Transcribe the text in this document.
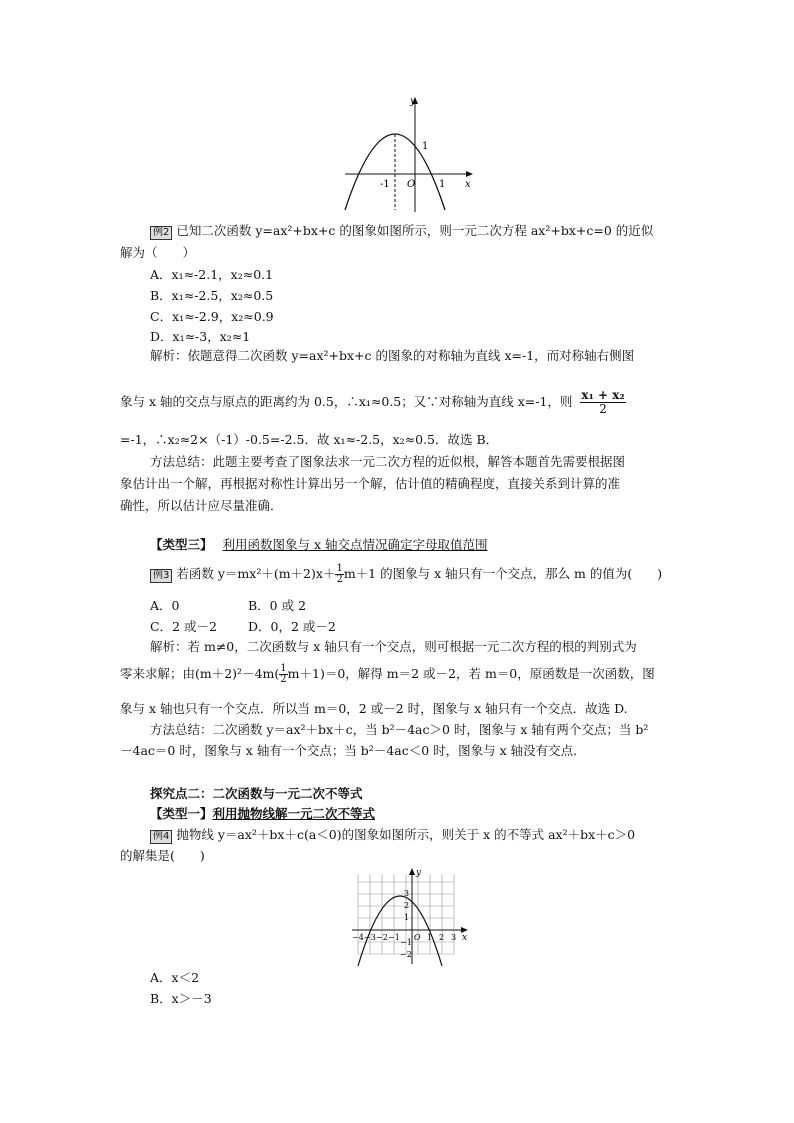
y
x
-1 O 1
1
例2 已知二次函数 y=ax²+bx+c 的图象如图所示，则一元二次方程 ax²+bx+c=0 的近似
解为（　　）
A．x₁≈-2.1，x₂≈0.1
B．x₁≈-2.5，x₂≈0.5
C．x₁≈-2.9，x₂≈0.9
D．x₁≈-3，x₂≈1
解析：依题意得二次函数 y=ax²+bx+c 的图象的对称轴为直线 x=-1，而对称轴右侧图
象与 x 轴的交点与原点的距离约为 0.5，∴x₁≈0.5；又∵对称轴为直线 x=-1，则 $\frac{\text{x₁ + x₂}}{2}$
=-1，∴x₂≈2×（-1）-0.5=-2.5．故 x₁≈-2.5，x₂≈0.5．故选 B．
方法总结：此题主要考查了图象法求一元二次方程的近似根，解答本题首先需要根据图
象估计出一个解，再根据对称性计算出另一个解，估计值的精确程度，直接关系到计算的准
确性，所以估计应尽量准确．
【类型三】 利用函数图象与 x 轴交点情况确定字母取值范围
例3 若函数 $y=mx^2+(m+2)x+ \frac{1}{2} m+1$ 的图象与 x 轴只有一个交点，那么 m 的值为(　　)
A．0	B．0 或 2
C．2 或－2 D．0，2 或－2
解析：若 m≠0，二次函数与 x 轴只有一个交点，则可根据一元二次方程的根的判别式为
零来求解；由$(m+2)^2-4m( \frac{1}{2} m+1)=0$，解得 m＝2 或－2，若 m＝0，原函数是一次函数，图
象与 x 轴也只有一个交点．所以当 m＝0，2 或－2 时，图象与 x 轴只有一个交点．故选 D.
方法总结：二次函数 y＝ax²＋bx＋c，当 b²－4ac＞0 时，图象与 x 轴有两个交点；当 b²
－4ac＝0 时，图象与 x 轴有一个交点；当 b²－4ac＜0 时，图象与 x 轴没有交点．
探究点二：二次函数与一元二次不等式
【类型一】利用抛物线解一元二次不等式
例4 抛物线 y＝ax²＋bx＋c(a＜0)的图象如图所示，则关于 x 的不等式 ax²＋bx＋c＞0
的解集是(　　)
y
x
−4 −3 −2 −1 O 1 2 3
3
2
1
−1
−2
A．x＜2
B．x＞－3
